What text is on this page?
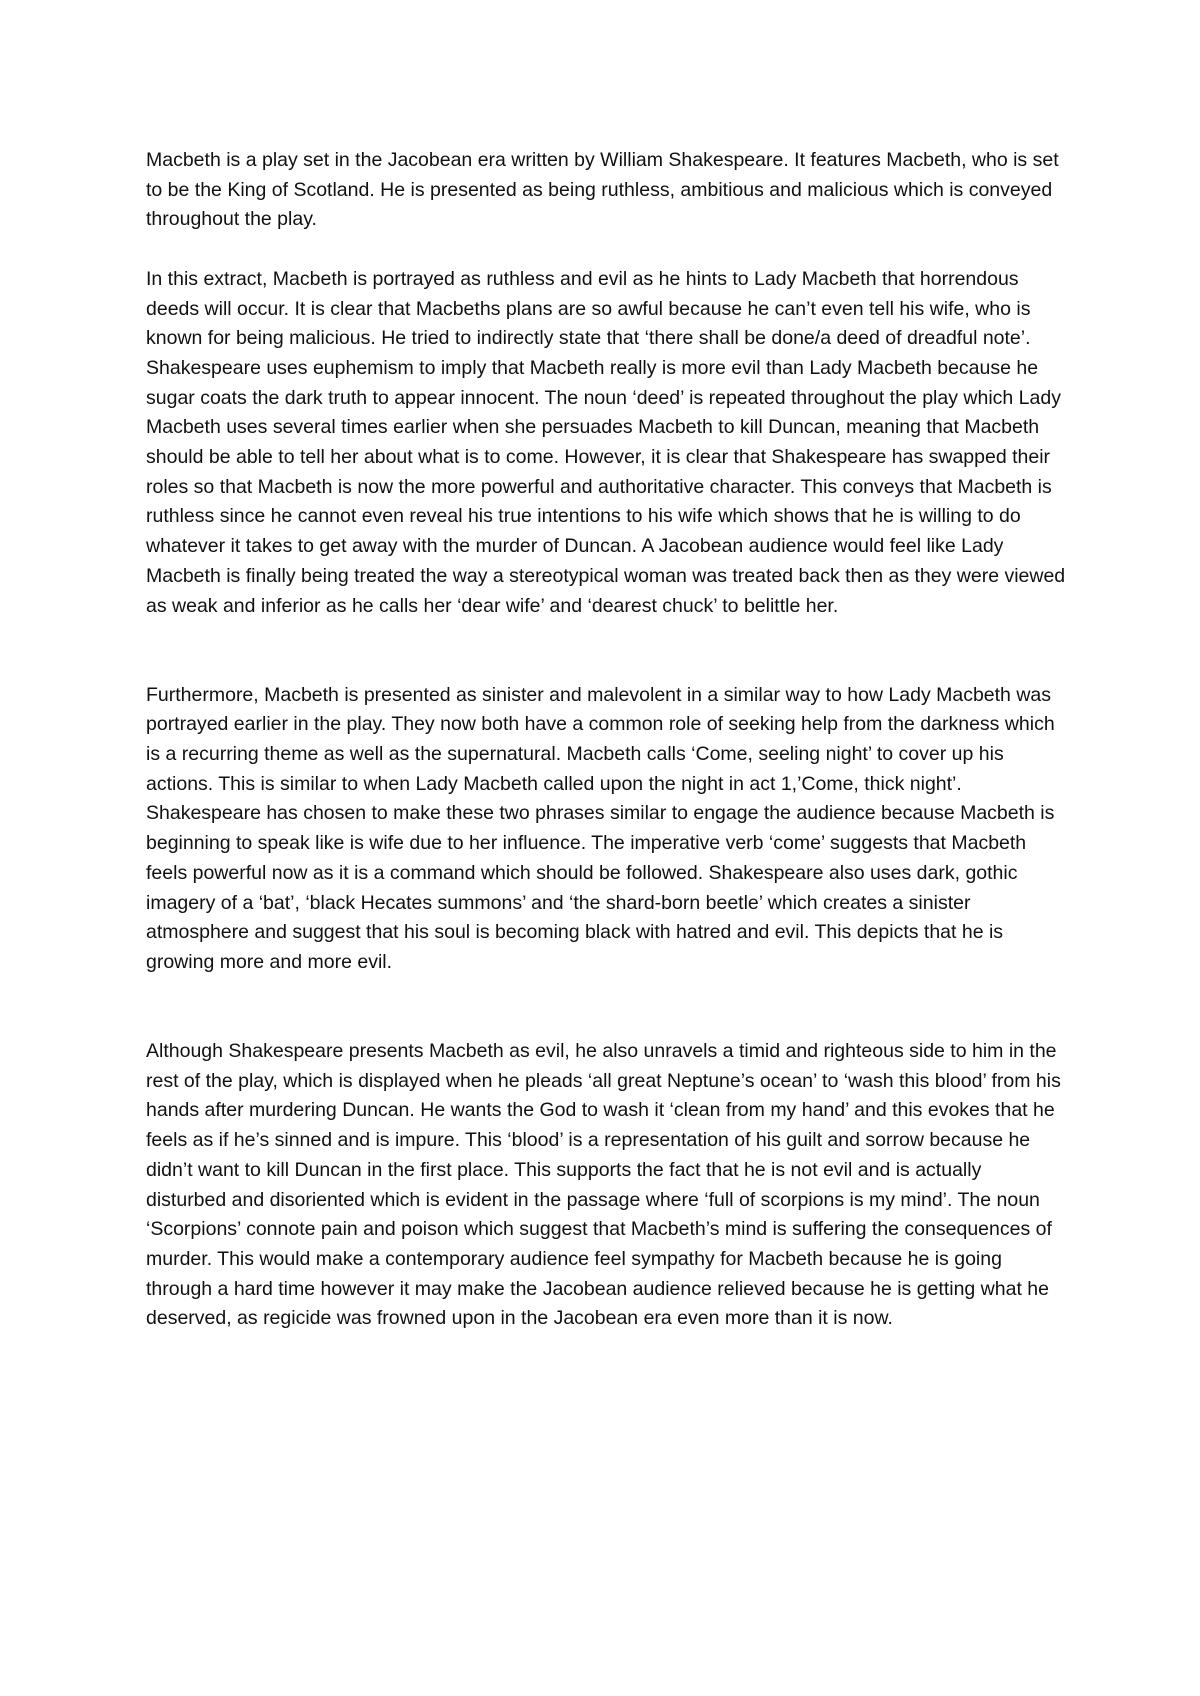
Macbeth is a play set in the Jacobean era written by William Shakespeare. It features Macbeth, who is set to be the King of Scotland. He is presented as being ruthless, ambitious and malicious which is conveyed throughout the play.

In this extract, Macbeth is portrayed as ruthless and evil as he hints to Lady Macbeth that horrendous deeds will occur. It is clear that Macbeths plans are so awful because he can’t even tell his wife, who is known for being malicious. He tried to indirectly state that ‘there shall be done/a deed of dreadful note’. Shakespeare uses euphemism to imply that Macbeth really is more evil than Lady Macbeth because he sugar coats the dark truth to appear innocent. The noun ‘deed’ is repeated throughout the play which Lady Macbeth uses several times earlier when she persuades Macbeth to kill Duncan, meaning that Macbeth should be able to tell her about what is to come. However, it is clear that Shakespeare has swapped their roles so that Macbeth is now the more powerful and authoritative character. This conveys that Macbeth is ruthless since he cannot even reveal his true intentions to his wife which shows that he is willing to do whatever it takes to get away with the murder of Duncan. A Jacobean audience would feel like Lady Macbeth is finally being treated the way a stereotypical woman was treated back then as they were viewed as weak and inferior as he calls her ‘dear wife’ and ‘dearest chuck’ to belittle her.

Furthermore, Macbeth is presented as sinister and malevolent in a similar way to how Lady Macbeth was portrayed earlier in the play. They now both have a common role of seeking help from the darkness which is a recurring theme as well as the supernatural. Macbeth calls ‘Come, seeling night’ to cover up his actions. This is similar to when Lady Macbeth called upon the night in act 1,’Come, thick night’. Shakespeare has chosen to make these two phrases similar to engage the audience because Macbeth is beginning to speak like is wife due to her influence. The imperative verb ‘come’ suggests that Macbeth feels powerful now as it is a command which should be followed. Shakespeare also uses dark, gothic imagery of a ‘bat’, ‘black Hecates summons’ and ‘the shard-born beetle’ which creates a sinister atmosphere and suggest that his soul is becoming black with hatred and evil. This depicts that he is growing more and more evil.

Although Shakespeare presents Macbeth as evil, he also unravels a timid and righteous side to him in the rest of the play, which is displayed when he pleads ‘all great Neptune’s ocean’ to ‘wash this blood’ from his hands after murdering Duncan. He wants the God to wash it ‘clean from my hand’ and this evokes that he feels as if he’s sinned and is impure. This ‘blood’ is a representation of his guilt and sorrow because he didn’t want to kill Duncan in the first place. This supports the fact that he is not evil and is actually disturbed and disoriented which is evident in the passage where ‘full of scorpions is my mind’. The noun ‘Scorpions’ connote pain and poison which suggest that Macbeth’s mind is suffering the consequences of murder. This would make a contemporary audience feel sympathy for Macbeth because he is going through a hard time however it may make the Jacobean audience relieved because he is getting what he deserved, as regicide was frowned upon in the Jacobean era even more than it is now.
